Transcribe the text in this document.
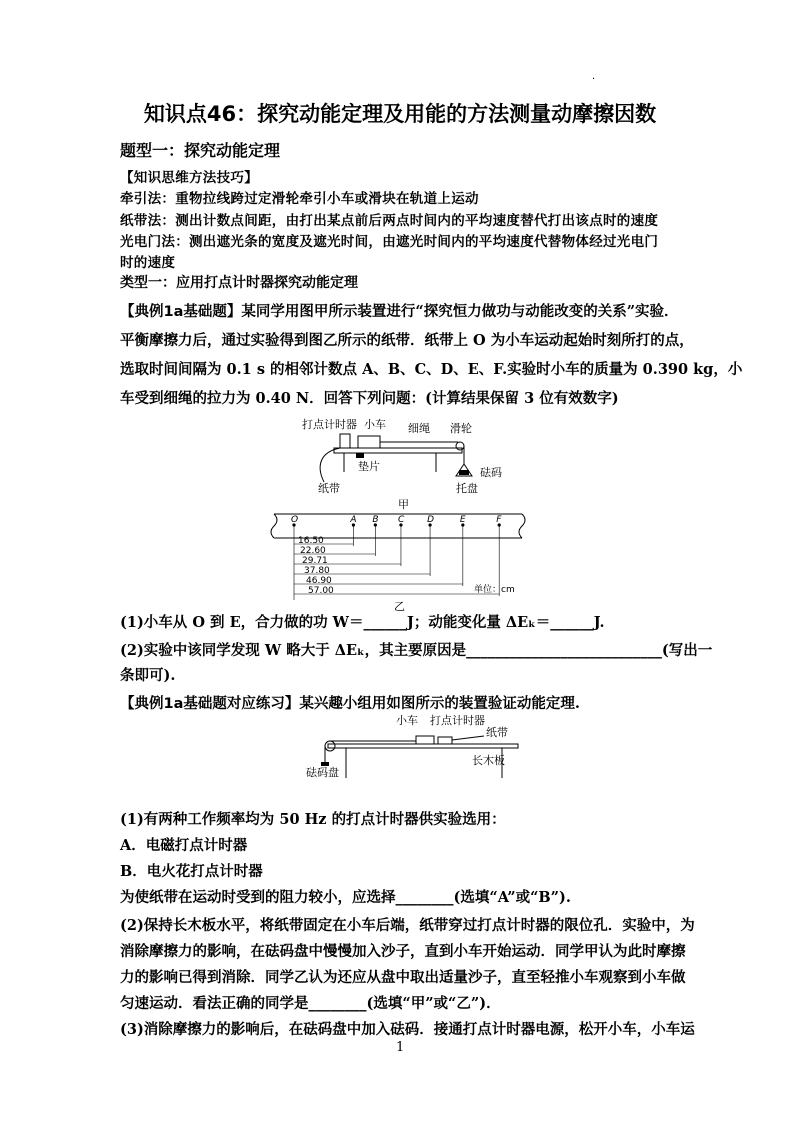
·
知识点46：探究动能定理及用能的方法测量动摩擦因数
题型一：探究动能定理
【知识思维方法技巧】
牵引法：重物拉线跨过定滑轮牵引小车或滑块在轨道上运动
纸带法：测出计数点间距，由打出某点前后两点时间内的平均速度替代打出该点时的速度
光电门法：测出遮光条的宽度及遮光时间，由遮光时间内的平均速度代替物体经过光电门
时的速度
类型一：应用打点计时器探究动能定理
【典例1a基础题】某同学用图甲所示装置进行“探究恒力做功与动能改变的关系”实验．
平衡摩擦力后，通过实验得到图乙所示的纸带．纸带上 O 为小车运动起始时刻所打的点，
选取时间间隔为 0.1 s 的相邻计数点 A、B、C、D、E、F.实验时小车的质量为 0.390 kg，小
车受到细绳的拉力为 0.40 N．回答下列问题：(计算结果保留 3 位有效数字)
打点计时器 小车 细绳 滑轮
垫片
纸带
砝码
托盘
甲
O	A B C	D	E	F
16.50
22.60
29.71
37.80
46.90
57.00	单位：cm
乙
(1)小车从 O 到 E，合力做的功 W＝______J；动能变化量 ΔEₖ＝______J.
(2)实验中该同学发现 W 略大于 ΔEₖ，其主要原因是___________________________(写出一
条即可).
【典例1a基础题对应练习】某兴趣小组用如图所示的装置验证动能定理.
小车 打点计时器
纸带
砝码盘
长木板
(1)有两种工作频率均为 50 Hz 的打点计时器供实验选用：
A．电磁打点计时器
B．电火花打点计时器
为使纸带在运动时受到的阻力较小，应选择________(选填“A”或“B”).
(2)保持长木板水平，将纸带固定在小车后端，纸带穿过打点计时器的限位孔．实验中，为
消除摩擦力的影响，在砝码盘中慢慢加入沙子，直到小车开始运动．同学甲认为此时摩擦
力的影响已得到消除．同学乙认为还应从盘中取出适量沙子，直至轻推小车观察到小车做
匀速运动．看法正确的同学是________(选填“甲”或“乙”)．
(3)消除摩擦力的影响后，在砝码盘中加入砝码．接通打点计时器电源，松开小车，小车运
1
